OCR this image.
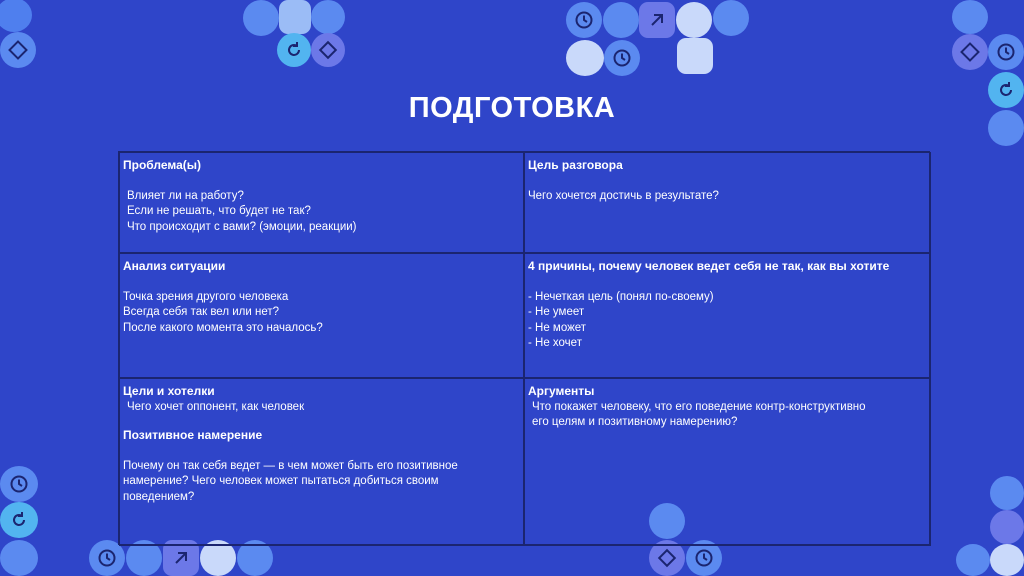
ПОДГОТОВКА
Проблема(ы)
Влияет ли на работу?
Если не решать, что будет не так?
Что происходит с вами? (эмоции, реакции)
Цель разговора
Чего хочется достичь в результате?
Анализ ситуации
Точка зрения другого человека
Всегда себя так вел или нет?
После какого момента это началось?
4 причины, почему человек ведет себя не так, как вы хотите
- Нечеткая цель (понял по-своему)
- Не умеет
- Не может
- Не хочет
Цели и хотелки
Чего хочет оппонент, как человек
Позитивное намерение
Почему он так себя ведет — в чем может быть его позитивное
намерение? Чего человек может пытаться добиться своим
поведением?
Аргументы
Что покажет человеку, что его поведение контр-конструктивно
его целям и позитивному намерению?
